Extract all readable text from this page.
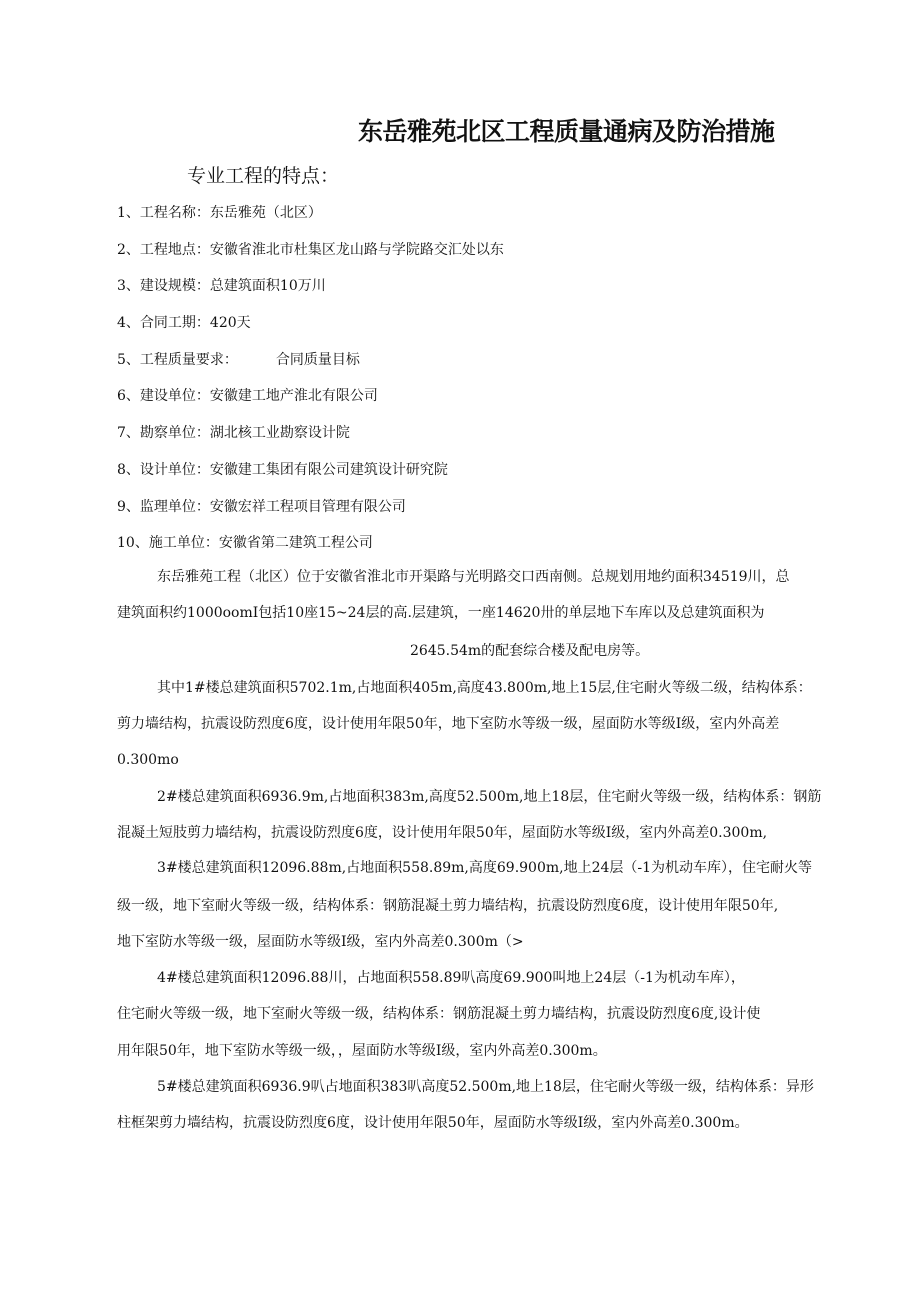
东岳雅苑北区工程质量通病及防治措施
专业工程的特点：
1、工程名称：东岳雅苑（北区）
2、工程地点：安徽省淮北市杜集区龙山路与学院路交汇处以东
3、建设规模：总建筑面积10万川
4、合同工期：420天
5、工程质量要求：	合同质量目标
6、建设单位：安徽建工地产淮北有限公司
7、勘察单位：湖北核工业勘察设计院
8、设计单位：安徽建工集团有限公司建筑设计研究院
9、监理单位：安徽宏祥工程项目管理有限公司
10、施工单位：安徽省第二建筑工程公司
东岳雅苑工程（北区）位于安徽省淮北市开渠路与光明路交口西南侧。总规划用地约面积34519川，总
建筑面积约1000oomI包括10座15~24层的高.层建筑，一座14620卅的单层地下车库以及总建筑面积为
2645.54m的配套综合楼及配电房等。
其中1#楼总建筑面积5702.1m,占地面积405m,高度43.800m,地上15层,住宅耐火等级二级，结构体系：
剪力墙结构，抗震设防烈度6度，设计使用年限50年，地下室防水等级一级，屋面防水等级I级，室内外高差
0.300mo
2#楼总建筑面积6936.9m,占地面积383m,高度52.500m,地上18层，住宅耐火等级一级，结构体系：钢筋
混凝土短肢剪力墙结构，抗震设防烈度6度，设计使用年限50年，屋面防水等级I级，室内外高差0.300m,
3#楼总建筑面积12096.88m,占地面积558.89m,高度69.900m,地上24层（-1为机动车库），住宅耐火等
级一级，地下室耐火等级一级，结构体系：钢筋混凝土剪力墙结构，抗震设防烈度6度，设计使用年限50年,
地下室防水等级一级，屋面防水等级I级，室内外高差0.300m（>
4#楼总建筑面积12096.88川，占地面积558.89叭高度69.900叫地上24层（-1为机动车库），
住宅耐火等级一级，地下室耐火等级一级，结构体系：钢筋混凝土剪力墙结构，抗震设防烈度6度,设计使
用年限50年，地下室防水等级一级，，屋面防水等级I级，室内外高差0.300m。
5#楼总建筑面积6936.9叭占地面积383叭高度52.500m,地上18层，住宅耐火等级一级，结构体系：异形
柱框架剪力墙结构，抗震设防烈度6度，设计使用年限50年，屋面防水等级I级，室内外高差0.300m。
